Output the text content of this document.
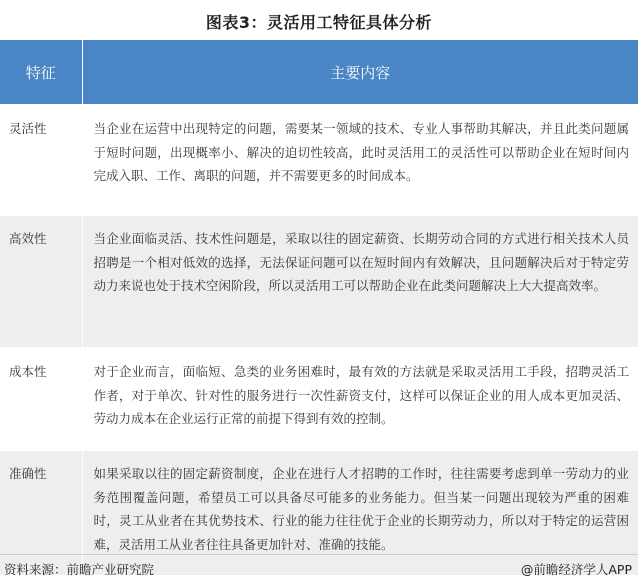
图表3：灵活用工特征具体分析
特征	主要内容
灵活性	当企业在运营中出现特定的问题，需要某一领域的技术、专业人事帮助其解决，并且此类问题属于短时问题，出现概率小、解决的迫切性较高，此时灵活用工的灵活性可以帮助企业在短时间内完成入职、工作、离职的问题，并不需要更多的时间成本。
高效性	当企业面临灵活、技术性问题是，采取以往的固定薪资、长期劳动合同的方式进行相关技术人员招聘是一个相对低效的选择，无法保证问题可以在短时间内有效解决，且问题解决后对于特定劳动力来说也处于技术空闲阶段，所以灵活用工可以帮助企业在此类问题解决上大大提高效率。
成本性	对于企业而言，面临短、急类的业务困难时，最有效的方法就是采取灵活用工手段，招聘灵活工作者，对于单次、针对性的服务进行一次性薪资支付，这样可以保证企业的用人成本更加灵活、劳动力成本在企业运行正常的前提下得到有效的控制。
准确性	如果采取以往的固定薪资制度，企业在进行人才招聘的工作时，往往需要考虑到单一劳动力的业务范围覆盖问题，希望员工可以具备尽可能多的业务能力。但当某一问题出现较为严重的困难时，灵工从业者在其优势技术、行业的能力往往优于企业的长期劳动力，所以对于特定的运营困难，灵活用工从业者往往具备更加针对、准确的技能。
资料来源：前瞻产业研究院	@前瞻经济学人APP
